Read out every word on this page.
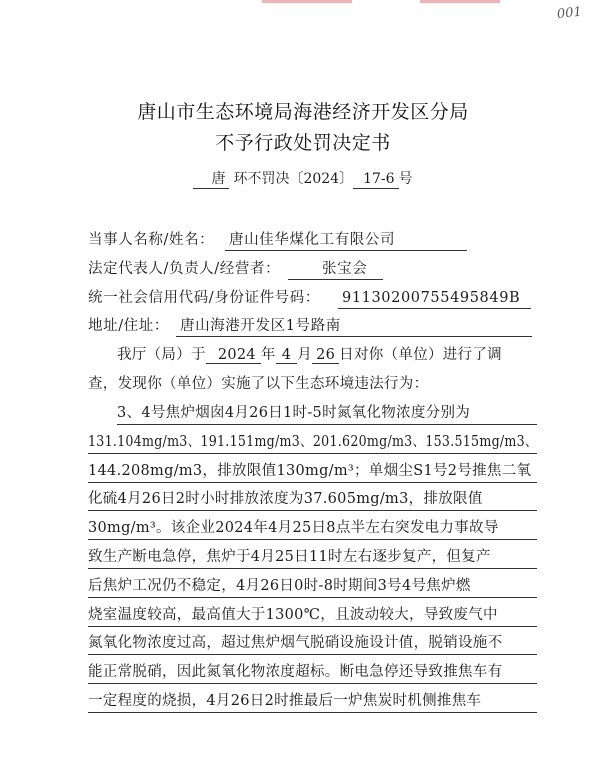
001
唐山市生态环境局海港经济开发区分局
不予行政处罚决定书
唐 环不罚决〔2024〕 17-6 号
当事人名称/姓名： 唐山佳华煤化工有限公司
法定代表人/负责人/经营者：	张宝会
统一社会信用代码/身份证件号码： 91130200755495849B
地址/住址： 唐山海港开发区1号路南
我厅（局）于 2024 年 4 月 26 日对你（单位）进行了调
查，发现你（单位）实施了以下生态环境违法行为：
3、4号焦炉烟囱4月26日1时-5时氮氧化物浓度分别为
131.104mg/m3、191.151mg/m3、201.620mg/m3、153.515mg/m3、
144.208mg/m3，排放限值130mg/m³；单烟尘S1号2号推焦二氧
化硫4月26日2时小时排放浓度为37.605mg/m3，排放限值
30mg/m³。该企业2024年4月25日8点半左右突发电力事故导
致生产断电急停，焦炉于4月25日11时左右逐步复产，但复产
后焦炉工况仍不稳定，4月26日0时-8时期间3号4号焦炉燃
烧室温度较高，最高值大于1300℃，且波动较大，导致废气中
氮氧化物浓度过高，超过焦炉烟气脱硝设施设计值，脱销设施不
能正常脱硝，因此氮氧化物浓度超标。断电急停还导致推焦车有
一定程度的烧损，4月26日2时推最后一炉焦炭时机侧推焦车
